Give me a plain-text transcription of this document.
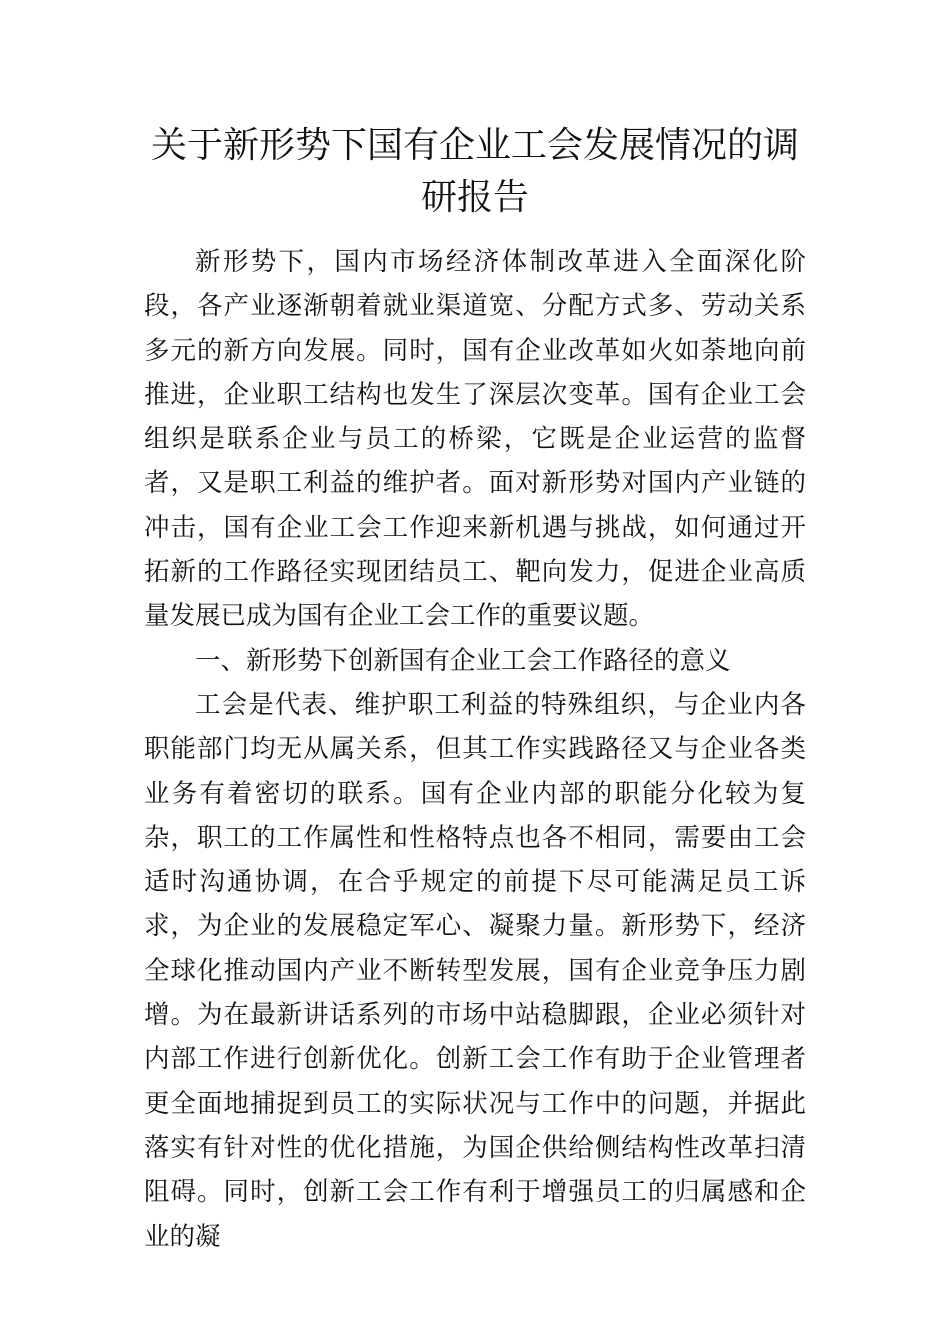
关于新形势下国有企业工会发展情况的调研报告

新形势下，国内市场经济体制改革进入全面深化阶段，各产业逐渐朝着就业渠道宽、分配方式多、劳动关系多元的新方向发展。同时，国有企业改革如火如荼地向前推进，企业职工结构也发生了深层次变革。国有企业工会组织是联系企业与员工的桥梁，它既是企业运营的监督者，又是职工利益的维护者。面对新形势对国内产业链的冲击，国有企业工会工作迎来新机遇与挑战，如何通过开拓新的工作路径实现团结员工、靶向发力，促进企业高质量发展已成为国有企业工会工作的重要议题。

一、新形势下创新国有企业工会工作路径的意义

工会是代表、维护职工利益的特殊组织，与企业内各职能部门均无从属关系，但其工作实践路径又与企业各类业务有着密切的联系。国有企业内部的职能分化较为复杂，职工的工作属性和性格特点也各不相同，需要由工会适时沟通协调，在合乎规定的前提下尽可能满足员工诉求，为企业的发展稳定军心、凝聚力量。新形势下，经济全球化推动国内产业不断转型发展，国有企业竞争压力剧增。为在最新讲话系列的市场中站稳脚跟，企业必须针对内部工作进行创新优化。创新工会工作有助于企业管理者更全面地捕捉到员工的实际状况与工作中的问题，并据此落实有针对性的优化措施，为国企供给侧结构性改革扫清阻碍。同时，创新工会工作有利于增强员工的归属感和企业的凝
